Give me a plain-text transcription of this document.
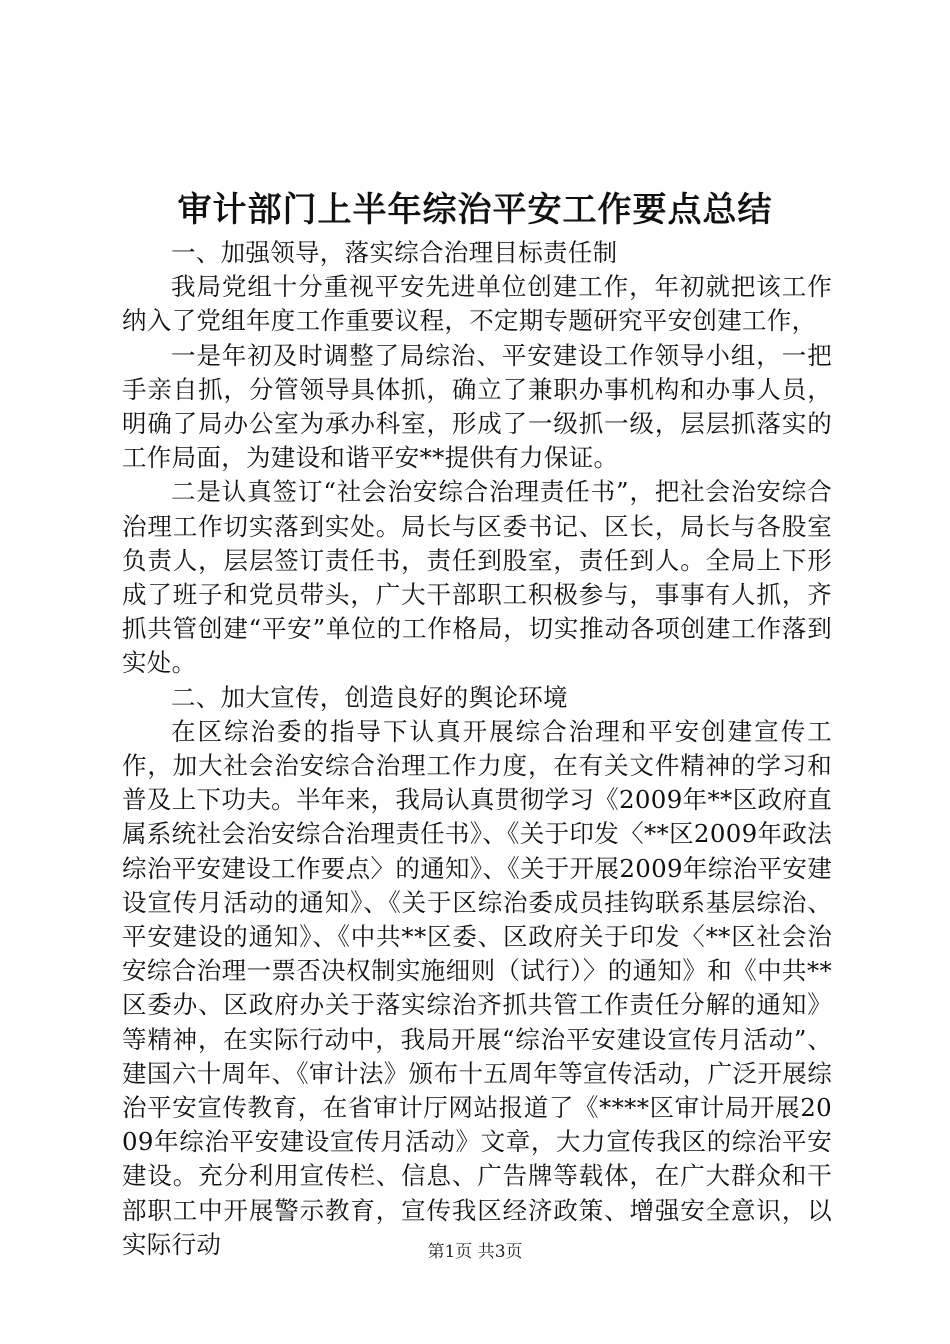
审计部门上半年综治平安工作要点总结

一、加强领导，落实综合治理目标责任制

我局党组十分重视平安先进单位创建工作，年初就把该工作纳入了党组年度工作重要议程，不定期专题研究平安创建工作，

一是年初及时调整了局综治、平安建设工作领导小组，一把手亲自抓，分管领导具体抓，确立了兼职办事机构和办事人员，明确了局办公室为承办科室，形成了一级抓一级，层层抓落实的工作局面，为建设和谐平安**提供有力保证。

二是认真签订“社会治安综合治理责任书”，把社会治安综合治理工作切实落到实处。局长与区委书记、区长，局长与各股室负责人，层层签订责任书，责任到股室，责任到人。全局上下形成了班子和党员带头，广大干部职工积极参与，事事有人抓，齐抓共管创建“平安”单位的工作格局，切实推动各项创建工作落到实处。

二、加大宣传，创造良好的舆论环境

在区综治委的指导下认真开展综合治理和平安创建宣传工作，加大社会治安综合治理工作力度，在有关文件精神的学习和普及上下功夫。半年来，我局认真贯彻学习《2009年**区政府直属系统社会治安综合治理责任书》、《关于印发〈**区2009年政法综治平安建设工作要点〉的通知》、《关于开展2009年综治平安建设宣传月活动的通知》、《关于区综治委成员挂钩联系基层综治、平安建设的通知》、《中共**区委、区政府关于印发〈**区社会治安综合治理一票否决权制实施细则（试行）〉的通知》和《中共**区委办、区政府办关于落实综治齐抓共管工作责任分解的通知》等精神，在实际行动中，我局开展“综治平安建设宣传月活动”、建国六十周年、《审计法》颁布十五周年等宣传活动，广泛开展综治平安宣传教育，在省审计厅网站报道了《****区审计局开展2009年综治平安建设宣传月活动》文章，大力宣传我区的综治平安建设。充分利用宣传栏、信息、广告牌等载体，在广大群众和干部职工中开展警示教育，宣传我区经济政策、增强安全意识，以实际行动	第1页 共3页
